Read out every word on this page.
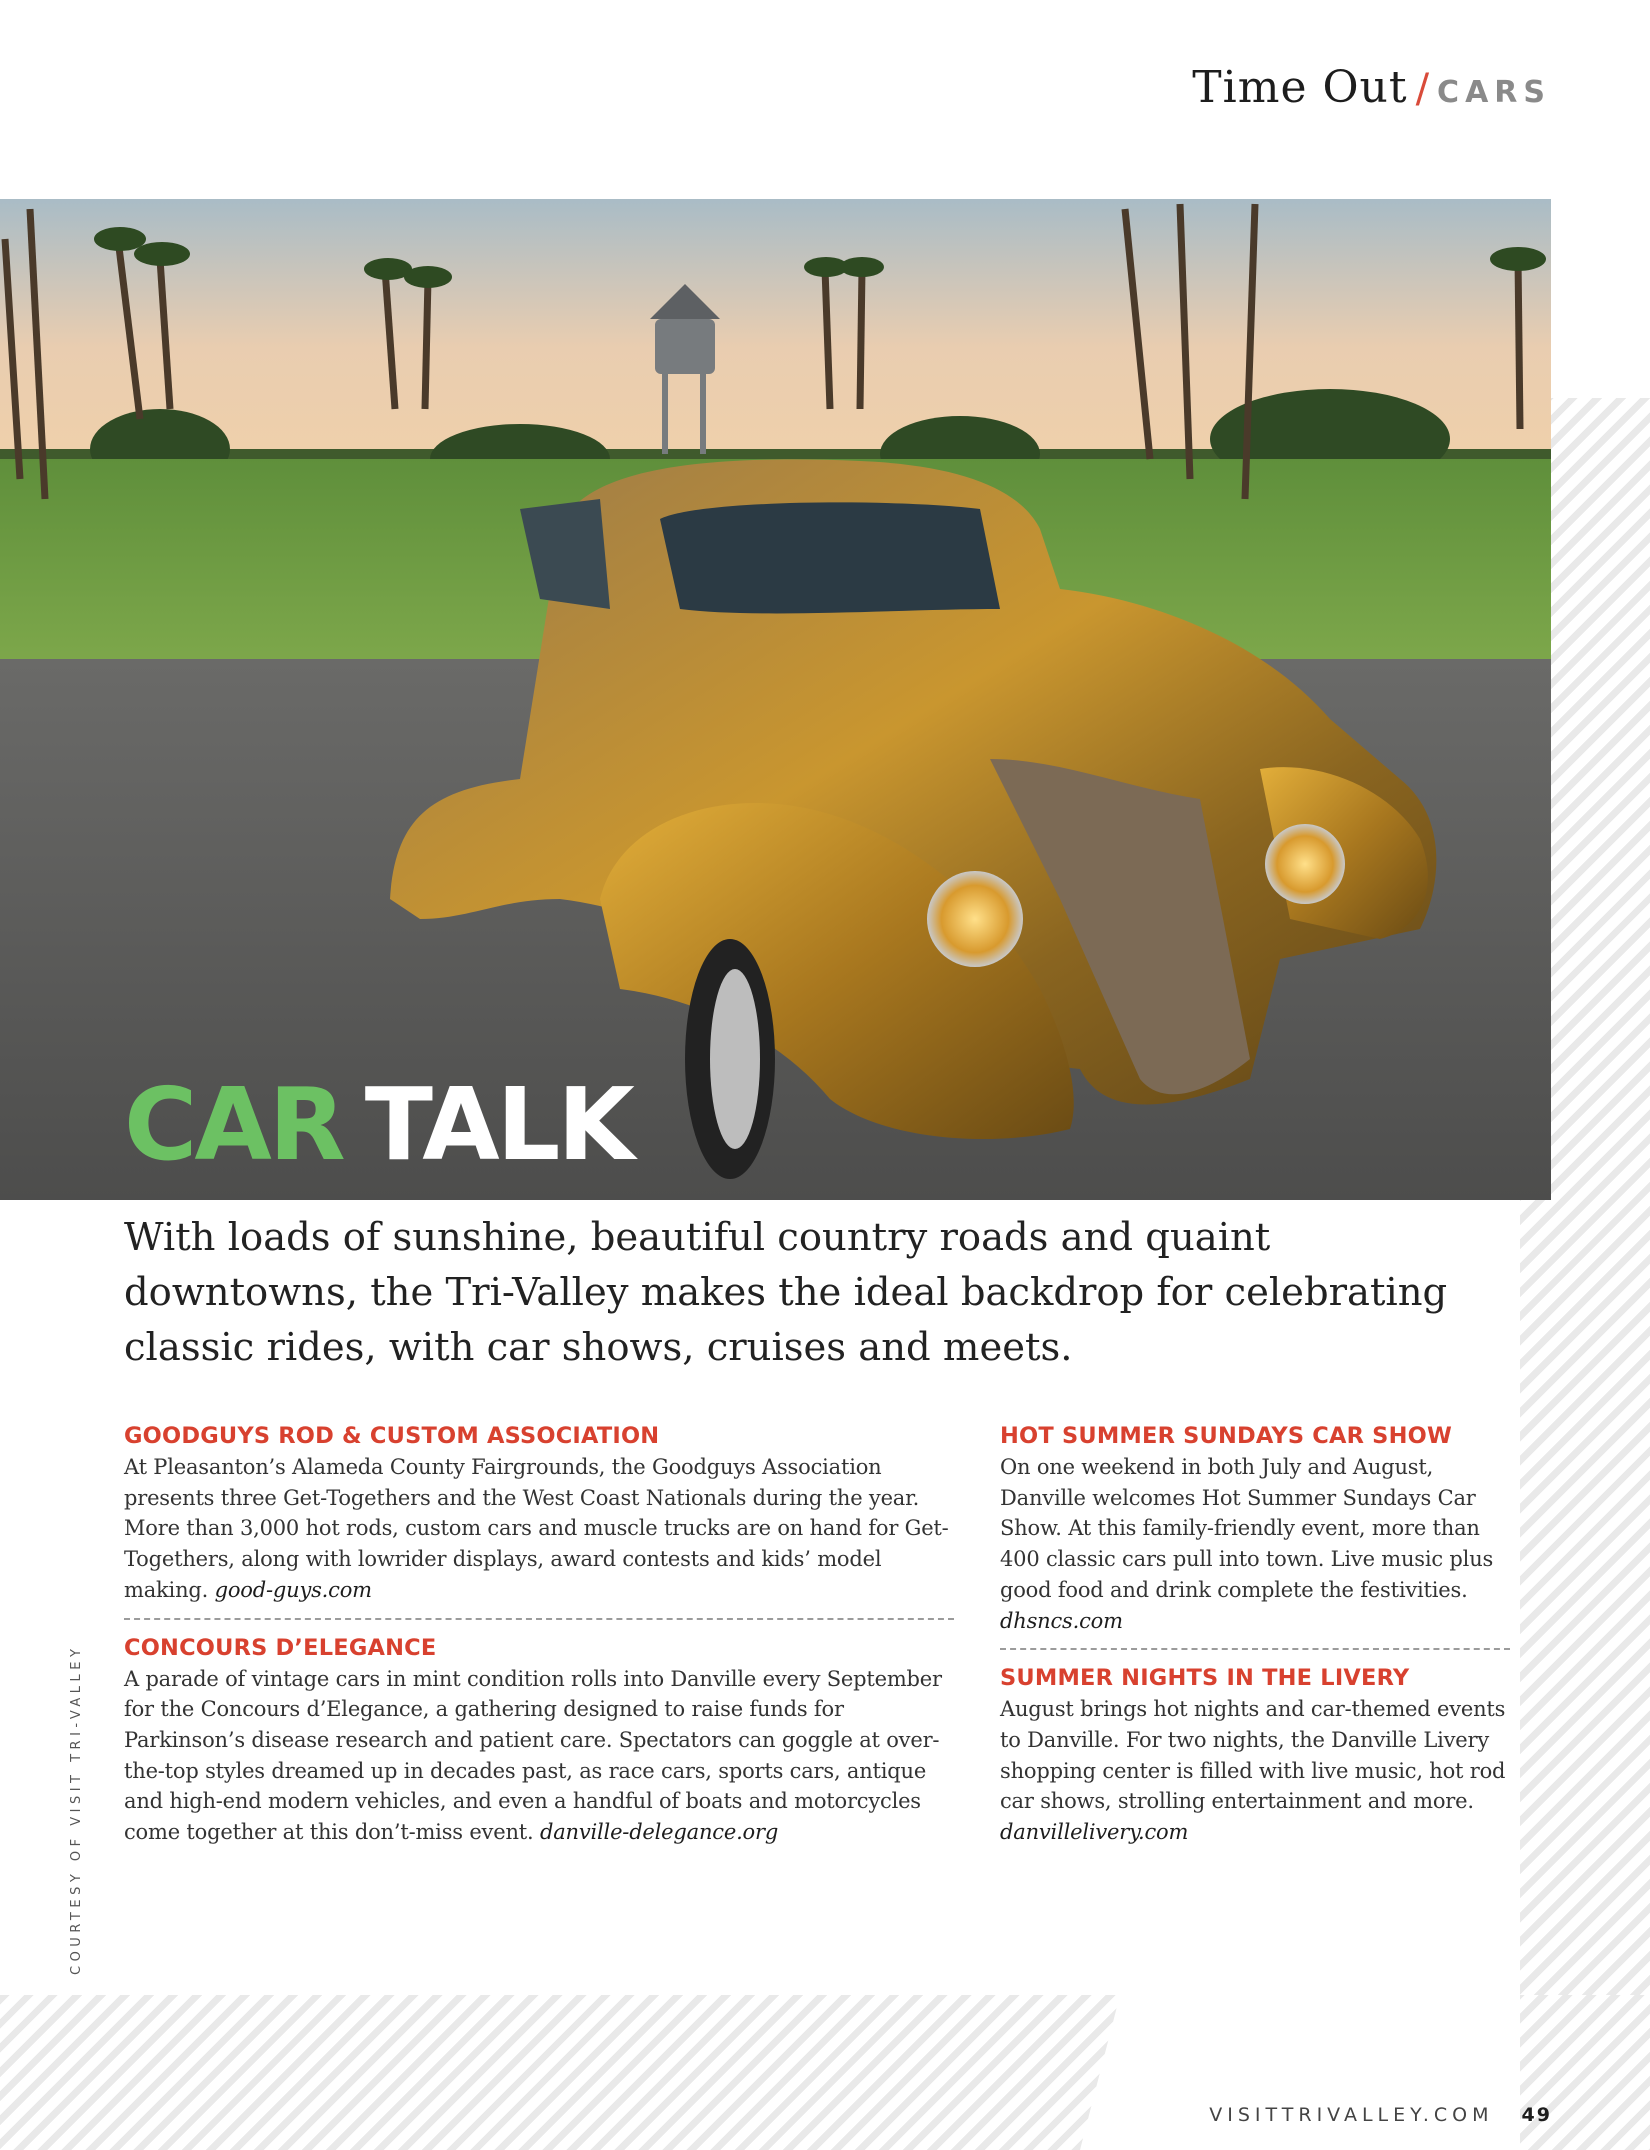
Time Out / CARS
CAR TALK

With loads of sunshine, beautiful country roads and quaint downtowns, the Tri-Valley makes the ideal backdrop for celebrating classic rides, with car shows, cruises and meets.

GOODGUYS ROD & CUSTOM ASSOCIATION

At Pleasanton’s Alameda County Fairgrounds, the Goodguys Association presents three Get-Togethers and the West Coast Nationals during the year. More than 3,000 hot rods, custom cars and muscle trucks are on hand for Get-Togethers, along with lowrider displays, award contests and kids’ model making. good-guys.com

CONCOURS D’ELEGANCE

A parade of vintage cars in mint condition rolls into Danville every September for the Concours d’Elegance, a gathering designed to raise funds for Parkinson’s disease research and patient care. Spectators can goggle at over-the-top styles dreamed up in decades past, as race cars, sports cars, antique and high-end modern vehicles, and even a handful of boats and motorcycles come together at this don’t-miss event. danville-delegance.org

HOT SUMMER SUNDAYS CAR SHOW

On one weekend in both July and August, Danville welcomes Hot Summer Sundays Car Show. At this family-friendly event, more than 400 classic cars pull into town. Live music plus good food and drink complete the festivities. dhsncs.com

SUMMER NIGHTS IN THE LIVERY

August brings hot nights and car-themed events to Danville. For two nights, the Danville Livery shopping center is filled with live music, hot rod car shows, strolling entertainment and more. danvillelivery.com

COURTESY OF VISIT TRI-VALLEY
VISITTRIVALLEY.COM 49
